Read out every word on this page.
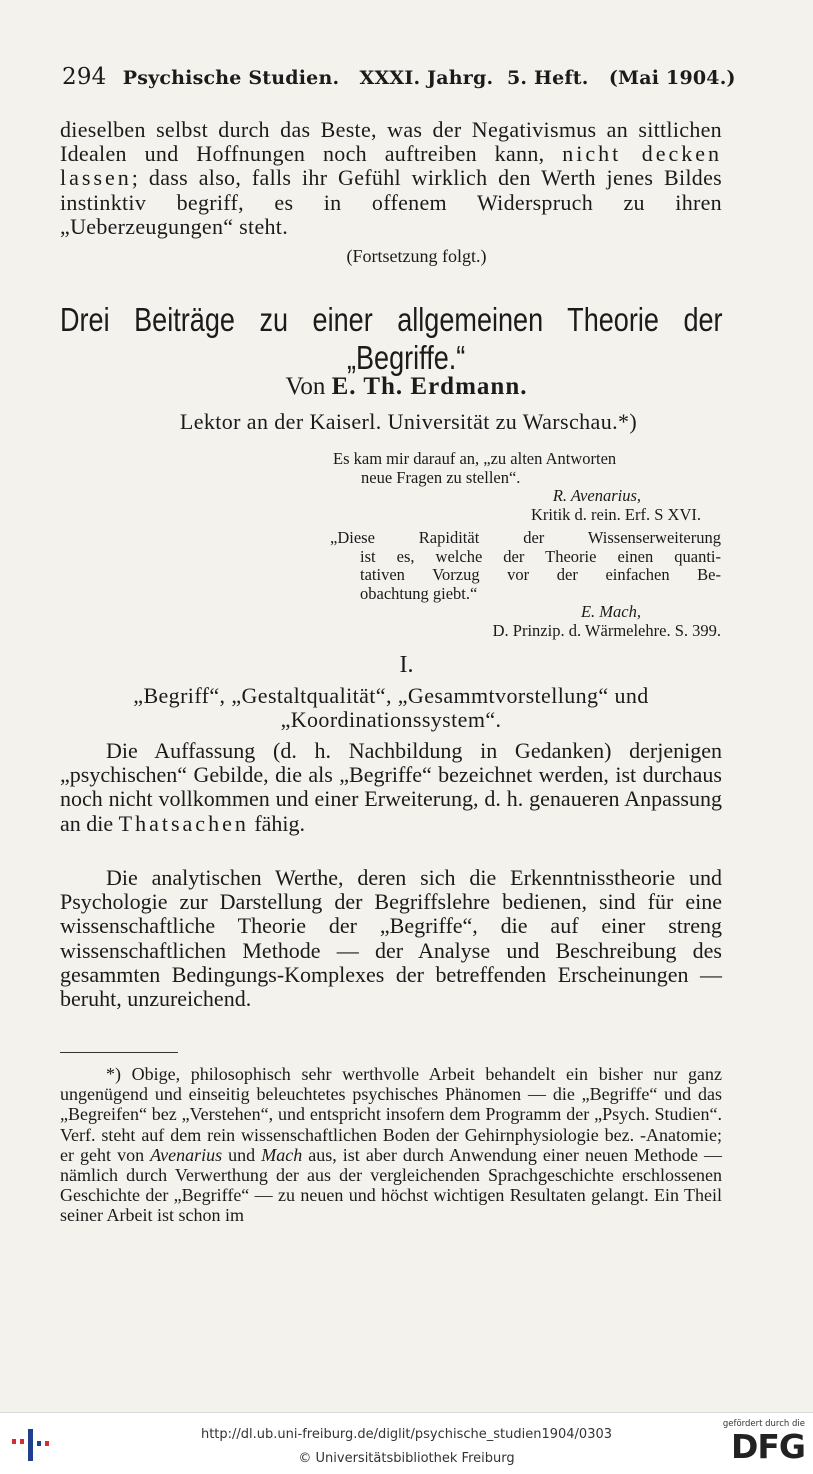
294 Psychische Studien. XXXI. Jahrg.  5. Heft. (Mai 1904.)
dieselben selbst durch das Beste, was der Negativismus an sittlichen Idealen und Hoffnungen noch auftreiben kann, nicht decken lassen; dass also, falls ihr Gefühl wirklich den Werth jenes Bildes instinktiv begriff, es in offenem Widerspruch zu ihren „Ueberzeugungen“ steht.
(Fortsetzung folgt.)
Drei Beiträge zu einer allgemeinen Theorie der
„Begriffe.“
Von E. Th. Erdmann.
Lektor an der Kaiserl. Universität zu Warschau.*)
Es kam mir darauf an, „zu alten Antworten
neue Fragen zu stellen“.
R. Avenarius,
Kritik d. rein. Erf. S XVI.
„Diese Rapidität der Wissenserweiterung
ist es, welche der Theorie einen quanti-
tativen Vorzug vor der einfachen Be-
obachtung giebt.“
E. Mach,
D. Prinzip. d. Wärmelehre. S. 399.
I.
„Begriff“, „Gestaltqualität“, „Gesammtvorstellung“ und „Koordinationssystem“.
Die Auffassung (d. h. Nachbildung in Gedanken) derjenigen „psychischen“ Gebilde, die als „Begriffe“ bezeichnet werden, ist durchaus noch nicht vollkommen und einer Erweiterung, d. h. genaueren Anpassung an die Thatsachen fähig.
Die analytischen Werthe, deren sich die Erkenntnisstheorie und Psychologie zur Darstellung der Begriffslehre bedienen, sind für eine wissenschaftliche Theorie der „Begriffe“, die auf einer streng wissenschaftlichen Methode — der Analyse und Beschreibung des gesammten Bedingungs-Komplexes der betreffenden Erscheinungen — beruht, unzureichend.
*) Obige, philosophisch sehr werthvolle Arbeit behandelt ein bisher nur ganz ungenügend und einseitig beleuchtetes psychisches Phänomen — die „Begriffe“ und das „Begreifen“ bez „Verstehen“, und entspricht insofern dem Programm der „Psych. Studien“. Verf. steht auf dem rein wissenschaftlichen Boden der Gehirnphysiologie bez. -Anatomie; er geht von Avenarius und Mach aus, ist aber durch Anwendung einer neuen Methode — nämlich durch Verwerthung der aus der vergleichenden Sprachgeschichte erschlossenen Geschichte der „Begriffe“ — zu neuen und höchst wichtigen Resultaten gelangt. Ein Theil seiner Arbeit ist schon im
http://dl.ub.uni-freiburg.de/diglit/psychische_studien1904/0303
© Universitätsbibliothek Freiburg
gefördert durch die
DFG
